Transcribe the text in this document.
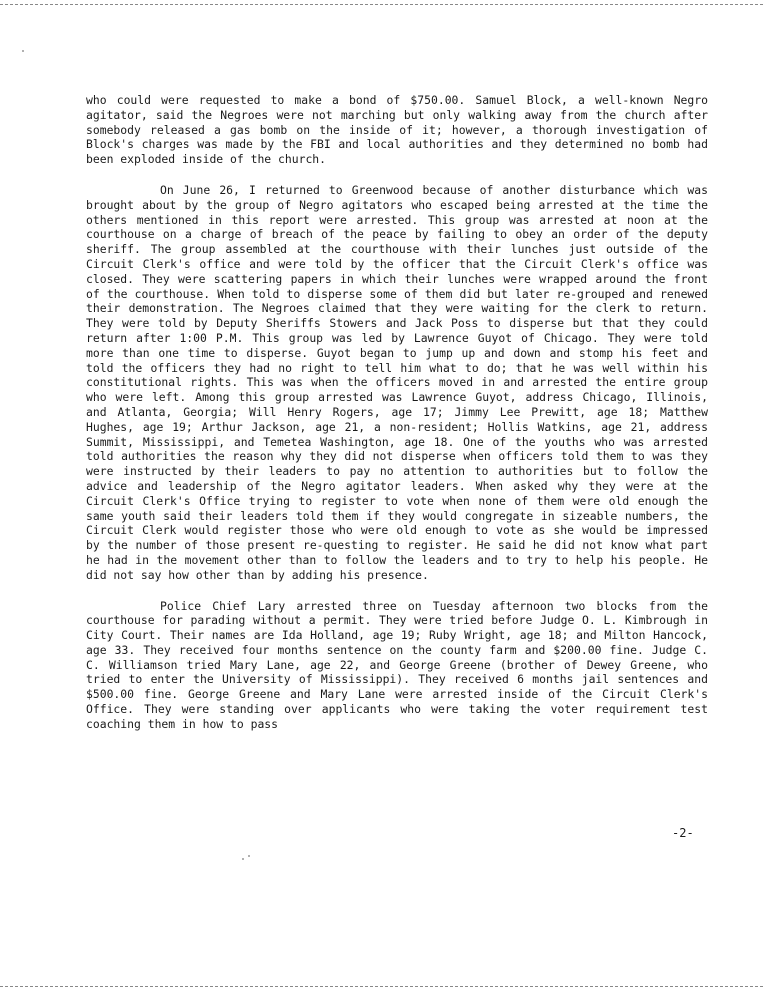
who could were requested to make a bond of $750.00. Samuel Block, a well-known Negro agitator, said the Negroes were not marching but only walking away from the church after somebody released a gas bomb on the inside of it; however, a thorough investigation of Block's charges was made by the FBI and local authorities and they determined no bomb had been exploded inside of the church.

On June 26, I returned to Greenwood because of another disturbance which was brought about by the group of Negro agitators who escaped being arrested at the time the others mentioned in this report were arrested. This group was arrested at noon at the courthouse on a charge of breach of the peace by failing to obey an order of the deputy sheriff. The group assembled at the courthouse with their lunches just outside of the Circuit Clerk's office and were told by the officer that the Circuit Clerk's office was closed. They were scattering papers in which their lunches were wrapped around the front of the courthouse. When told to disperse some of them did but later re-grouped and renewed their demonstration. The Negroes claimed that they were waiting for the clerk to return. They were told by Deputy Sheriffs Stowers and Jack Poss to disperse but that they could return after 1:00 P.M. This group was led by Lawrence Guyot of Chicago. They were told more than one time to disperse. Guyot began to jump up and down and stomp his feet and told the officers they had no right to tell him what to do; that he was well within his constitutional rights. This was when the officers moved in and arrested the entire group who were left. Among this group arrested was Lawrence Guyot, address Chicago, Illinois, and Atlanta, Georgia; Will Henry Rogers, age 17; Jimmy Lee Prewitt, age 18; Matthew Hughes, age 19; Arthur Jackson, age 21, a non-resident; Hollis Watkins, age 21, address Summit, Mississippi, and Temetea Washington, age 18. One of the youths who was arrested told authorities the reason why they did not disperse when officers told them to was they were instructed by their leaders to pay no attention to authorities but to follow the advice and leadership of the Negro agitator leaders. When asked why they were at the Circuit Clerk's Office trying to register to vote when none of them were old enough the same youth said their leaders told them if they would congregate in sizeable numbers, the Circuit Clerk would register those who were old enough to vote as she would be impressed by the number of those present re-questing to register. He said he did not know what part he had in the movement other than to follow the leaders and to try to help his people. He did not say how other than by adding his presence.

Police Chief Lary arrested three on Tuesday afternoon two blocks from the courthouse for parading without a permit. They were tried before Judge O. L. Kimbrough in City Court. Their names are Ida Holland, age 19; Ruby Wright, age 18; and Milton Hancock, age 33. They received four months sentence on the county farm and $200.00 fine. Judge C. C. Williamson tried Mary Lane, age 22, and George Greene (brother of Dewey Greene, who tried to enter the University of Mississippi). They received 6 months jail sentences and $500.00 fine. George Greene and Mary Lane were arrested inside of the Circuit Clerk's Office. They were standing over applicants who were taking the voter requirement test coaching them in how to pass

-2-
